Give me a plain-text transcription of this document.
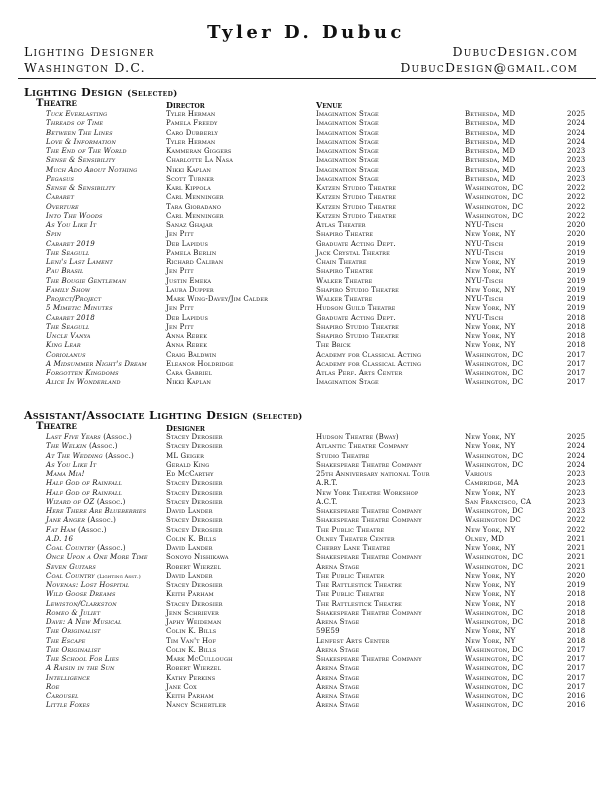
Tyler D. Dubuc
Lighting Designer
Washington D.C.
DubucDesign.com
DubucDesign@gmail.com
Lighting Design (Selected)
Theatre	Director	Venue
Tuck Everlasting	Tyler Herman	Imagination Stage	Bethesda, MD	2025
Threads of Time	Pamela Freedy	Imagination Stage	Bethesda, MD	2024
Between The Lines	Caro Dubberly	Imagination Stage	Bethesda, MD	2024
Love & Information	Tyler Herman	Imagination Stage	Bethesda, MD	2024
The End of The World	Kammeran Giggers	Imagination Stage	Bethesda, MD	2023
Sense & Sensibility	Charlotte La Nasa	Imagination Stage	Bethesda, MD	2023
Much Ado About Nothing	Nikki Kaplan	Imagination Stage	Bethesda, MD	2023
Pegasus	Scott Turner	Imagination Stage	Bethesda, MD	2023
Sense & Sensibility	Karl Kippola	Katzen Studio Theatre	Washington, DC	2022
Cabaret	Carl Menninger	Katzen Studio Theatre	Washington, DC	2022
Overture	Tara Gioradano	Katzen Studio Theatre	Washington, DC	2022
Into The Woods	Carl Menninger	Katzen Studio Theatre	Washington, DC	2022
As You Like It	Sanaz Ghajar	Atlas Theater	NYU-Tisch	2020
Spin	Jen Pitt	Shapiro Theatre	New York, NY	2020
Cabaret 2019	Deb Lapidus	Graduate Acting Dept.	NYU-Tisch	2019
The Seagull	Pamela Berlin	Jack Crystal Theatre	NYU-Tisch	2019
Leni's Last Lament	Richard Caliban	Chain Theatre	New York, NY	2019
Pau Brasil	Jen Pitt	Shapiro Theatre	New York, NY	2019
The Bougie Gentleman	Justin Emeka	Walker Theatre	NYU-Tisch	2019
Family Show	Laura Dupper	Shapiro Studio Theatre	New York, NY	2019
Project/Project	Mark Wing-Davey/Jim Calder	Walker Theatre	NYU-Tisch	2019
5 Mimetic Minutes	Jen Pitt	Hudson Guild Theatre	New York, NY	2019
Cabaret 2018	Deb Lapidus	Graduate Acting Dept.	NYU-Tisch	2018
The Seagull	Jen Pitt	Shapiro Studio Theatre	New York, NY	2018
Uncle Vanya	Anna Rebek	Shapiro Studio Theatre	New York, NY	2018
King Lear	Anna Rebek	The Brick	New York, NY	2018
Coriolanus	Craig Baldwin	Academy for Classical Acting	Washington, DC	2017
A Midsummer Night's Dream	Eleanor Holdridge	Academy for Classical Acting	Washington, DC	2017
Forgotten Kingdoms	Cara Gabriel	Atlas Perf. Arts Center	Washington, DC	2017
Alice In Wonderland	Nikki Kaplan	Imagination Stage	Washington, DC	2017
Assistant/Associate Lighting Design (Selected)
Theatre	Designer
Last Five Years (Assoc.)	Stacey Derosier	Hudson Theatre (Bway)	New York, NY	2025
The Welkin (Assoc.)	Stacey Derosier	Atlantic Theatre Company	New York, NY	2024
At The Wedding (Assoc.)	ML Geiger	Studio Theatre	Washington, DC	2024
As You Like It	Gerald King	Shakespeare Theatre Company	Washington, DC	2024
Mama Mia!	Ed McCarthy	25th Anniversary national Tour	Various	2023
Half God of Rainfall	Stacey Derosier	A.R.T.	Cambridge, MA	2023
Half God of Rainfall	Stacey Derosier	New York Theatre Workshop	New York, NY	2023
Wizard of OZ (Assoc.)	Stacey Derosier	A.C.T.	San Francisco, CA	2023
Here There Are Blueberries	David Lander	Shakespeare Theatre Company	Washington, DC	2023
Jane Anger (Assoc.)	Stacey Derosier	Shakespeare Theatre Company	Washington DC	2022
Fat Ham (Assoc.)	Stacey Derosier	The Public Theatre	New York, NY	2022
A.D. 16	Colin K. Bills	Olney Theater Center	Olney, MD	2021
Coal Country (Assoc.)	David Lander	Cherry Lane Theatre	New York, NY	2021
Once Upon a One More Time	Sonoyo Nishikawa	Shakespeare Theatre Company	Washington, DC	2021
Seven Guitars	Robert Wierzel	Arena Stage	Washington, DC	2021
Coal Country (Lighting Asst.)	David Lander	The Public Theater	New York, NY	2020
Novenas: Lost Hospital	Stacey Derosier	The Rattlestick Theatre	New York, NY	2019
Wild Goose Dreams	Keith Parham	The Public Theatre	New York, NY	2018
Lewiston/Clarkston	Stacey Derosier	The Rattlestick Theatre	New York, NY	2018
Romeo & Juliet	Jenn Schriever	Shakespeare Theatre Company	Washington, DC	2018
Dave: A New Musical	Japhy Weideman	Arena Stage	Washington, DC	2018
The Originalist	Colin K. Bills	59E59	New York, NY	2018
The Escape	Tim Van't Hof	Lenfest Arts Center	New York, NY	2018
The Originalist	Colin K. Bills	Arena Stage	Washington, DC	2017
The School For Lies	Mark McCullough	Shakespeare Theatre Company	Washington, DC	2017
A Raisin in the Sun	Robert Wierzel	Arena Stage	Washington, DC	2017
Intelligence	Kathy Perkins	Arena Stage	Washington, DC	2017
Roe	Jane Cox	Arena Stage	Washington, DC	2017
Carousel	Keith Parham	Arena Stage	Washington, DC	2016
Little Foxes	Nancy Schertler	Arena Stage	Washington, DC	2016
